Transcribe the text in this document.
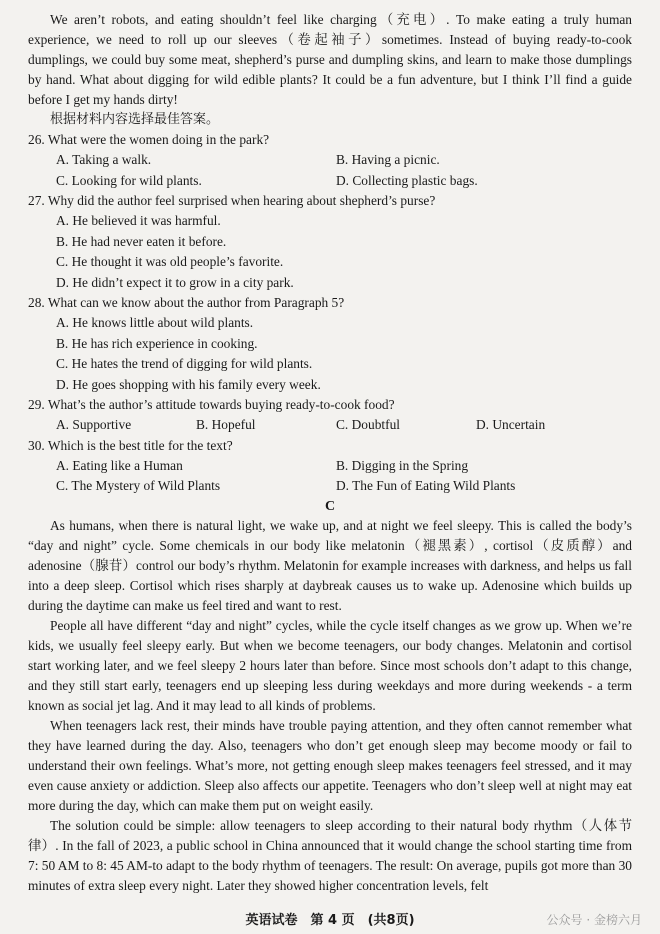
We aren’t robots, and eating shouldn’t feel like charging（充电）. To make eating a truly human experience, we need to roll up our sleeves（卷起袖子）sometimes. Instead of buying ready-to-cook dumplings, we could buy some meat, shepherd’s purse and dumpling skins, and learn to make those dumplings by hand. What about digging for wild edible plants? It could be a fun adventure, but I think I’ll find a guide before I get my hands dirty!

根据材料内容选择最佳答案。

26. What were the women doing in the park?

A. Taking a walk.	B. Having a picnic.
C. Looking for wild plants.	D. Collecting plastic bags.

27. Why did the author feel surprised when hearing about shepherd’s purse?

A. He believed it was harmful.
B. He had never eaten it before.
C. He thought it was old people’s favorite.
D. He didn’t expect it to grow in a city park.

28. What can we know about the author from Paragraph 5?

A. He knows little about wild plants.
B. He has rich experience in cooking.
C. He hates the trend of digging for wild plants.
D. He goes shopping with his family every week.

29. What’s the author’s attitude towards buying ready-to-cook food?

A. Supportive	B. Hopeful	C. Doubtful	D. Uncertain

30. Which is the best title for the text?

A. Eating like a Human	B. Digging in the Spring
C. The Mystery of Wild Plants	D. The Fun of Eating Wild Plants

C

As humans, when there is natural light, we wake up, and at night we feel sleepy. This is called the body’s “day and night” cycle. Some chemicals in our body like melatonin（褪黑素）, cortisol（皮质醇）and adenosine（腺苷）control our body’s rhythm. Melatonin for example increases with darkness, and helps us fall into a deep sleep. Cortisol which rises sharply at daybreak causes us to wake up. Adenosine which builds up during the daytime can make us feel tired and want to rest.

People all have different “day and night” cycles, while the cycle itself changes as we grow up. When we’re kids, we usually feel sleepy early. But when we become teenagers, our body changes. Melatonin and cortisol start working later, and we feel sleepy 2 hours later than before. Since most schools don’t adapt to this change, and they still start early, teenagers end up sleeping less during weekdays and more during weekends - a term known as social jet lag. And it may lead to all kinds of problems.

When teenagers lack rest, their minds have trouble paying attention, and they often cannot remember what they have learned during the day. Also, teenagers who don’t get enough sleep may become moody or fail to understand their own feelings. What’s more, not getting enough sleep makes teenagers feel stressed, and it may even cause anxiety or addiction. Sleep also affects our appetite. Teenagers who don’t sleep well at night may eat more during the day, which can make them put on weight easily.

The solution could be simple: allow teenagers to sleep according to their natural body rhythm（人体节律）. In the fall of 2023, a public school in China announced that it would change the school starting time from 7: 50 AM to 8: 45 AM-to adapt to the body rhythm of teenagers. The result: On average, pupils got more than 30 minutes of extra sleep every night. Later they showed higher concentration levels, felt

英语试卷　第 4 页　(共8页)	公众号 · 金榜六月
